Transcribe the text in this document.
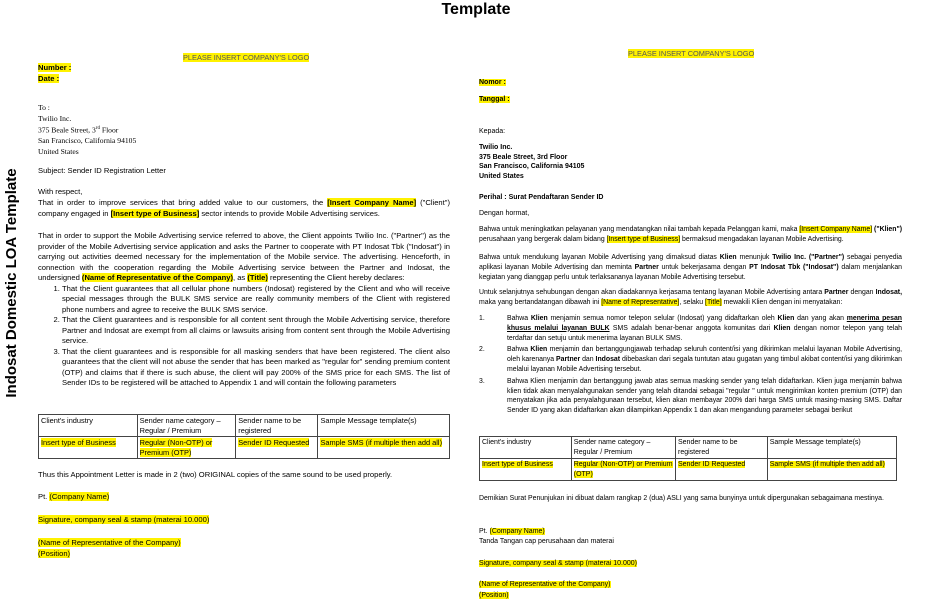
Template
Indosat Domestic LOA Template
PLEASE INSERT COMPANY'S LOGO
Number :
Date :

To :

Twilio Inc.

375 Beale Street, 3rd Floor

San Francisco, California 94105

United States

Subject: Sender ID Registration Letter
With respect,
That in order to improve services that bring added value to our customers, the [Insert Company Name] ("Client") company engaged in [Insert type of Business] sector intends to provide Mobile Advertising services.
That in order to support the Mobile Advertising service referred to above, the Client appoints Twilio Inc. ("Partner") as the provider of the Mobile Advertising service application and asks the Partner to cooperate with PT Indosat Tbk ("Indosat") in carrying out activities deemed necessary for the implementation of the Mobile service. The advertising. Henceforth, in connection with the cooperation regarding the Mobile Advertising service between the Partner and Indosat, the undersigned (Name of Representative of the Company), as (Title) representing the Client hereby declares:
1. That the Client guarantees that all cellular phone numbers (Indosat) registered by the Client and who will receive special messages through the BULK SMS service are really community members of the Client with registered phone numbers and agree to receive the BULK SMS service.
2. That the Client guarantees and is responsible for all content sent through the Mobile Advertising service, therefore Partner and Indosat are exempt from all claims or lawsuits arising from content sent through the Mobile Advertising service.
3. That the client guarantees and is responsible for all masking senders that have been registered. The client also guarantees that the client will not abuse the sender that has been marked as "regular for" sending premium content (OTP) and claims that if there is such abuse, the client will pay 200% of the SMS price for each SMS. The list of Sender IDs to be registered will be attached to Appendix 1 and will contain the following parameters
Client's industry	Sender name category – Regular / Premium	Sender name to be registered	Sample Message template(s)
Insert type of Business	Regular (Non-OTP) or Premium (OTP)	Sender ID Requested	Sample SMS (if multiple then add all)
Thus this Appointment Letter is made in 2 (two) ORIGINAL copies of the same sound to be used properly.
Pt. (Company Name)
Signature, company seal & stamp (materai 10.000)
(Name of Representative of the Company)
(Position)
PLEASE INSERT COMPANY'S LOGO
Nomor :
Tanggal :

Kepada:

Twilio Inc.

375 Beale Street, 3rd Floor

San Francisco, California 94105

United States

Perihal : Surat Pendaftaran Sender ID
Dengan hormat,
Bahwa untuk meningkatkan pelayanan yang mendatangkan nilai tambah kepada Pelanggan kami, maka [Insert Company Name] ("Klien") perusahaan yang bergerak dalam bidang [Insert type of Business] bermaksud mengadakan layanan Mobile Advertising.
Bahwa untuk mendukung layanan Mobile Advertising yang dimaksud diatas Klien menunjuk Twilio Inc. ("Partner") sebagai penyedia aplikasi layanan Mobile Advertising dan meminta Partner untuk bekerjasama dengan PT Indosat Tbk ("Indosat") dalam menjalankan kegiatan yang dianggap perlu untuk terlaksananya layanan Mobile Advertising tersebut.
Untuk selanjutnya sehubungan dengan akan diadakannya kerjasama tentang layanan Mobile Advertising antara Partner dengan Indosat, maka yang bertandatangan dibawah ini [Name of Representative], selaku [Title] mewakili Klien dengan ini menyatakan:
1.	Bahwa Klien menjamin semua nomor telepon selular (Indosat) yang didaftarkan oleh Klien dan yang akan menerima pesan khusus melalui layanan BULK SMS adalah benar-benar anggota komunitas dari Klien dengan nomor telepon yang telah terdaftar dan setuju untuk menerima layanan BULK SMS.
2.	Bahwa Klien menjamin dan bertanggungjawab terhadap seluruh content/isi yang dikirimkan melalui layanan Mobile Advertising, oleh karenanya Partner dan Indosat dibebaskan dari segala tuntutan atau gugatan yang timbul akibat content/isi yang dikirimkan melalui layanan Mobile Advertising tersebut.
3.	Bahwa Klien menjamin dan bertanggung jawab atas semua masking sender yang telah didaftarkan. Klien juga menjamin bahwa klien tidak akan menyalahgunakan sender yang telah ditandai sebagai "regular " untuk mengirimkan konten premium (OTP) dan menyatakan jika ada penyalahgunaan tersebut, klien akan membayar 200% dari harga SMS untuk masing-masing SMS. Daftar Sender ID yang akan didaftarkan akan dilampirkan Appendix 1 dan akan mengandung parameter sebagai berikut
Client's industry	Sender name category – Regular / Premium	Sender name to be registered	Sample Message template(s)
Insert type of Business	Regular (Non-OTP) or Premium (OTP)	Sender ID Requested	Sample SMS (if multiple then add all)
Demikian Surat Penunjukan ini dibuat dalam rangkap 2 (dua) ASLI yang sama bunyinya untuk dipergunakan sebagaimana mestinya.
Pt. (Company Name)
Tanda Tangan cap perusahaan dan materai
Signature, company seal & stamp (materai 10.000)
(Name of Representative of the Company)
(Position)
